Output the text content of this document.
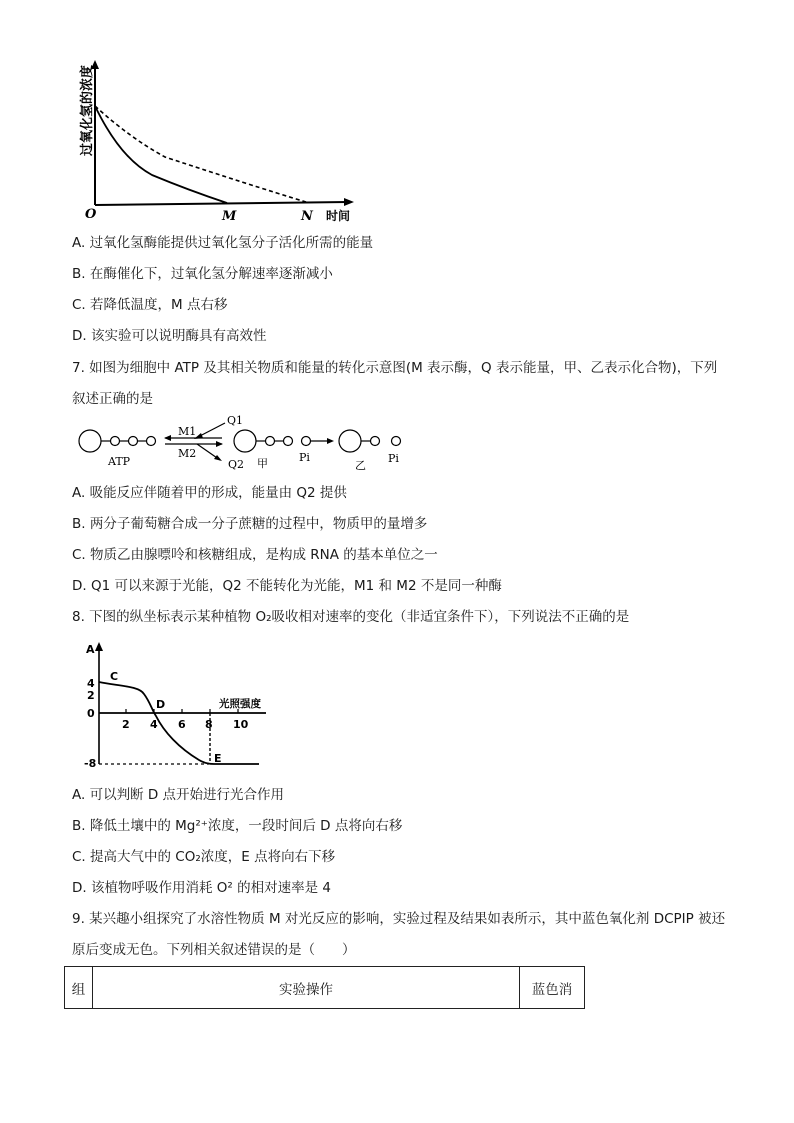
过氧化氢的浓度
O	M	N 时间
A. 过氧化氢酶能提供过氧化氢分子活化所需的能量
B. 在酶催化下，过氧化氢分解速率逐渐减小
C. 若降低温度，M 点右移
D. 该实验可以说明酶具有高效性
7. 如图为细胞中 ATP 及其相关物质和能量的转化示意图(M 表示酶，Q 表示能量，甲、乙表示化合物)，下列叙述正确的是
M1
M2
Q1
Q2
ATP	甲	Pi
乙
Pi
A. 吸能反应伴随着甲的形成，能量由 Q2 提供
B. 两分子葡萄糖合成一分子蔗糖的过程中，物质甲的量增多
C. 物质乙由腺嘌呤和核糖组成，是构成 RNA 的基本单位之一
D. Q1 可以来源于光能，Q2 不能转化为光能，M1 和 M2 不是同一种酶
8. 下图的纵坐标表示某种植物 O₂吸收相对速率的变化（非适宜条件下），下列说法不正确的是
A
4
2
0
-8
2 4 6 8 10
光照强度
C
D
E
A. 可以判断 D 点开始进行光合作用
B. 降低土壤中的 Mg²⁺浓度，一段时间后 D 点将向右移
C. 提高大气中的 CO₂浓度，E 点将向右下移
D. 该植物呼吸作用消耗 O² 的相对速率是 4
9. 某兴趣小组探究了水溶性物质 M 对光反应的影响，实验过程及结果如表所示，其中蓝色氧化剂 DCPIP 被还原后变成无色。下列相关叙述错误的是（　　）
组	实验操作	蓝色消
